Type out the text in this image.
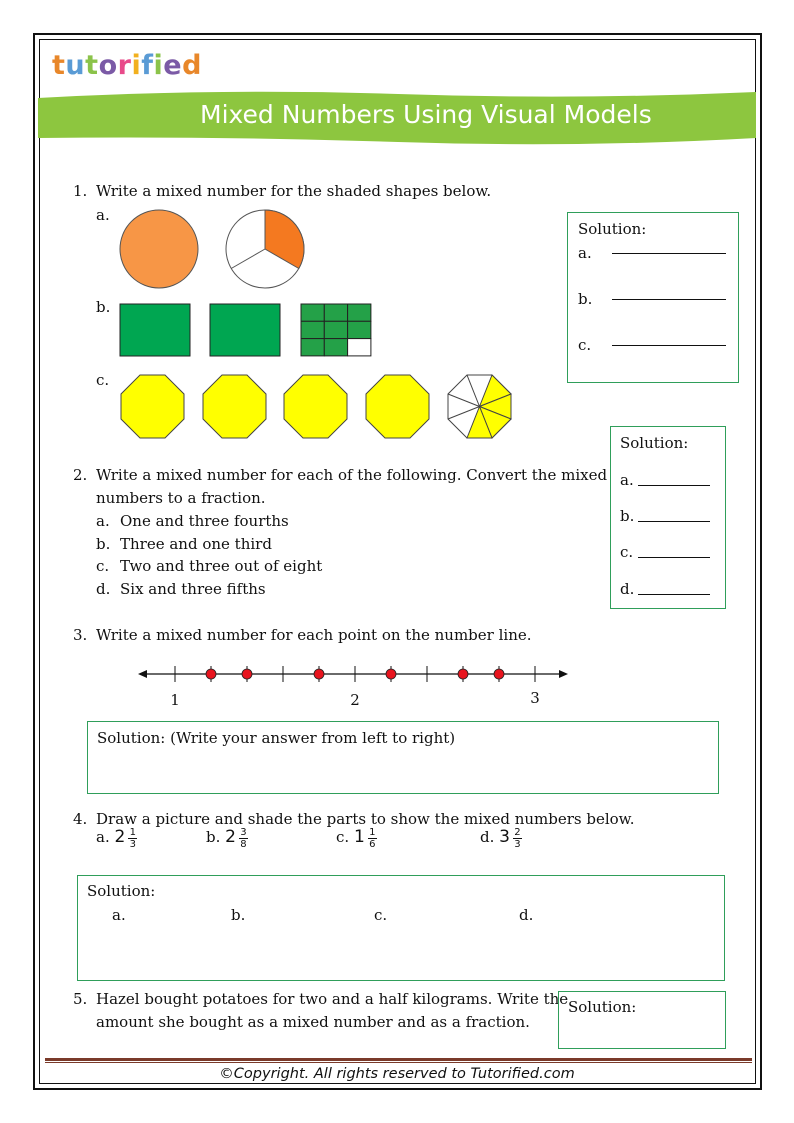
tutorified
Mixed Numbers Using Visual Models
1. Write a mixed number for the shaded shapes below.
a.
b.
c.
Solution:
a.
b.
c.
2. Write a mixed number for each of the following. Convert the mixed
numbers to a fraction.
a. One and three fourths
b. Three and one third
c. Two and three out of eight
d. Six and three fifths
Solution:
a.
b.
c.
d.
3. Write a mixed number for each point on the number line.
1	2	3
Solution: (Write your answer from left to right)
4. Draw a picture and shade the parts to show the mixed numbers below.
a. $2 \frac{1}{3}$	b. $2 \frac{3}{8}$	c. $1 \frac{1}{6}$	d. $3 \frac{2}{3}$
Solution:
a.	b.	c.	d.
5. Hazel bought potatoes for two and a half kilograms. Write the
amount she bought as a mixed number and as a fraction.
Solution:
©Copyright. All rights reserved to Tutorified.com
